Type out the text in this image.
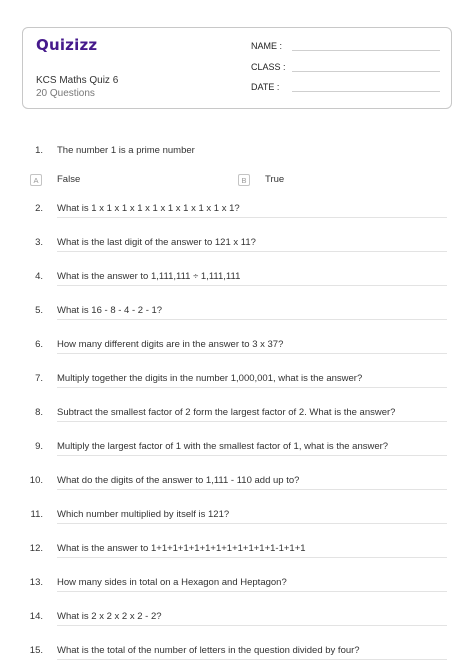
Quizizz
KCS Maths Quiz 6
20 Questions
NAME :
CLASS :
DATE :
1. The number 1 is a prime number
A	False	B	True
2. What is 1 x 1 x 1 x 1 x 1 x 1 x 1 x 1 x 1 x 1?
3. What is the last digit of the answer to 121 x 11?
4. What is the answer to 1,111,111 ÷ 1,111,111
5. What is 16 - 8 - 4 - 2 - 1?
6. How many different digits are in the answer to 3 x 37?
7. Multiply together the digits in the number 1,000,001, what is the answer?
8. Subtract the smallest factor of 2 form the largest factor of 2. What is the answer?
9. Multiply the largest factor of 1 with the smallest factor of 1, what is the answer?
10. What do the digits of the answer to 1,111 - 110 add up to?
11. Which number multiplied by itself is 121?
12. What is the answer to 1+1+1+1+1+1+1+1+1+1+1+1-1+1+1
13. How many sides in total on a Hexagon and Heptagon?
14. What is 2 x 2 x 2 x 2 - 2?
15. What is the total of the number of letters in the question divided by four?
